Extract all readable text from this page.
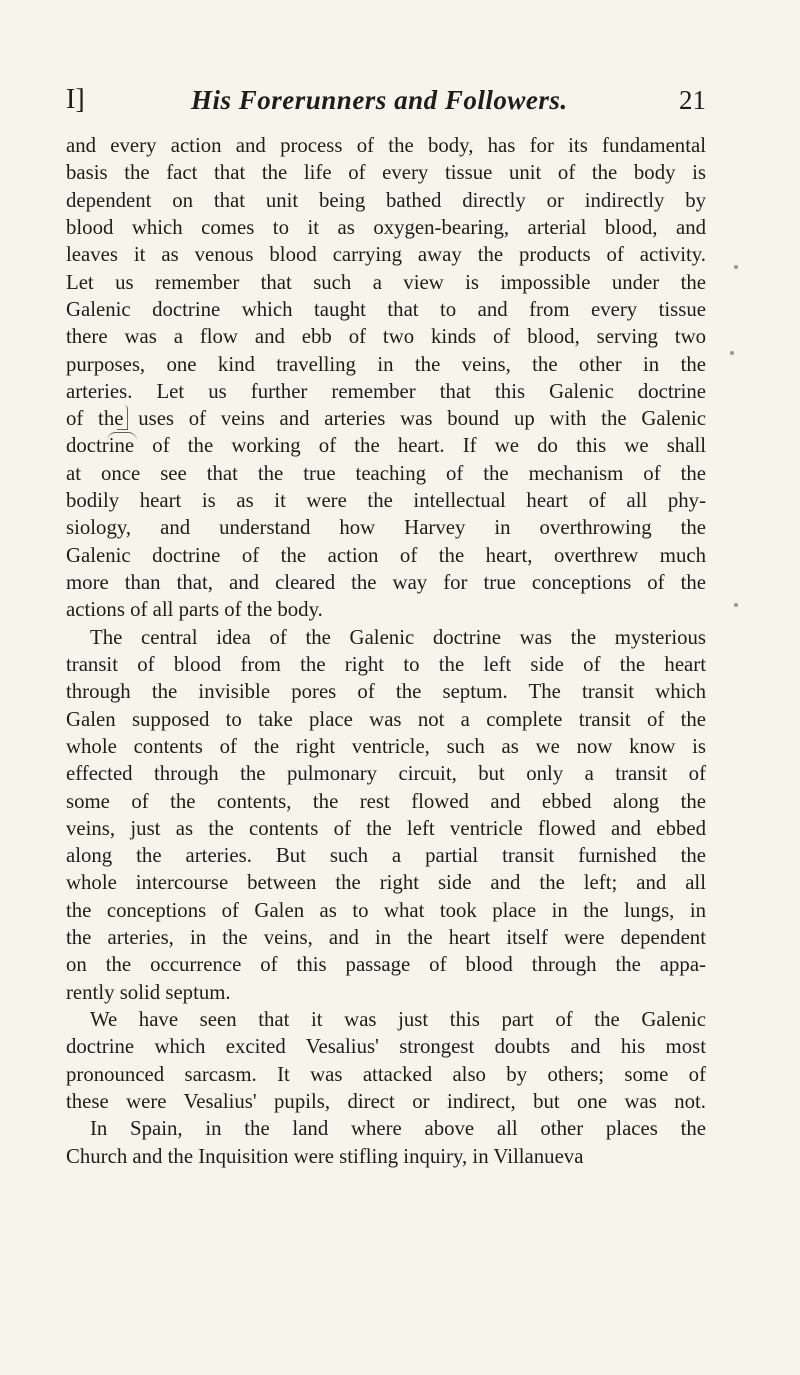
I]	His Forerunners and Followers.	21
and every action and process of the body, has for its fundamental
basis the fact that the life of every tissue unit of the body is
dependent on that unit being bathed directly or indirectly by
blood which comes to it as oxygen-bearing, arterial blood, and
leaves it as venous blood carrying away the products of activity.
Let us remember that such a view is impossible under the
Galenic doctrine which taught that to and from every tissue
there was a flow and ebb of two kinds of blood, serving two
purposes, one kind travelling in the veins, the other in the
arteries. Let us further remember that this Galenic doctrine
of the uses of veins and arteries was bound up with the Galenic
doctrine of the working of the heart. If we do this we shall
at once see that the true teaching of the mechanism of the
bodily heart is as it were the intellectual heart of all phy-
siology, and understand how Harvey in overthrowing the
Galenic doctrine of the action of the heart, overthrew much
more than that, and cleared the way for true conceptions of the
actions of all parts of the body.
The central idea of the Galenic doctrine was the mysterious
transit of blood from the right to the left side of the heart
through the invisible pores of the septum. The transit which
Galen supposed to take place was not a complete transit of the
whole contents of the right ventricle, such as we now know is
effected through the pulmonary circuit, but only a transit of
some of the contents, the rest flowed and ebbed along the
veins, just as the contents of the left ventricle flowed and ebbed
along the arteries. But such a partial transit furnished the
whole intercourse between the right side and the left; and all
the conceptions of Galen as to what took place in the lungs, in
the arteries, in the veins, and in the heart itself were dependent
on the occurrence of this passage of blood through the appa-
rently solid septum.
We have seen that it was just this part of the Galenic
doctrine which excited Vesalius' strongest doubts and his most
pronounced sarcasm. It was attacked also by others; some of
these were Vesalius' pupils, direct or indirect, but one was not.
In Spain, in the land where above all other places the
Church and the Inquisition were stifling inquiry, in Villanueva
